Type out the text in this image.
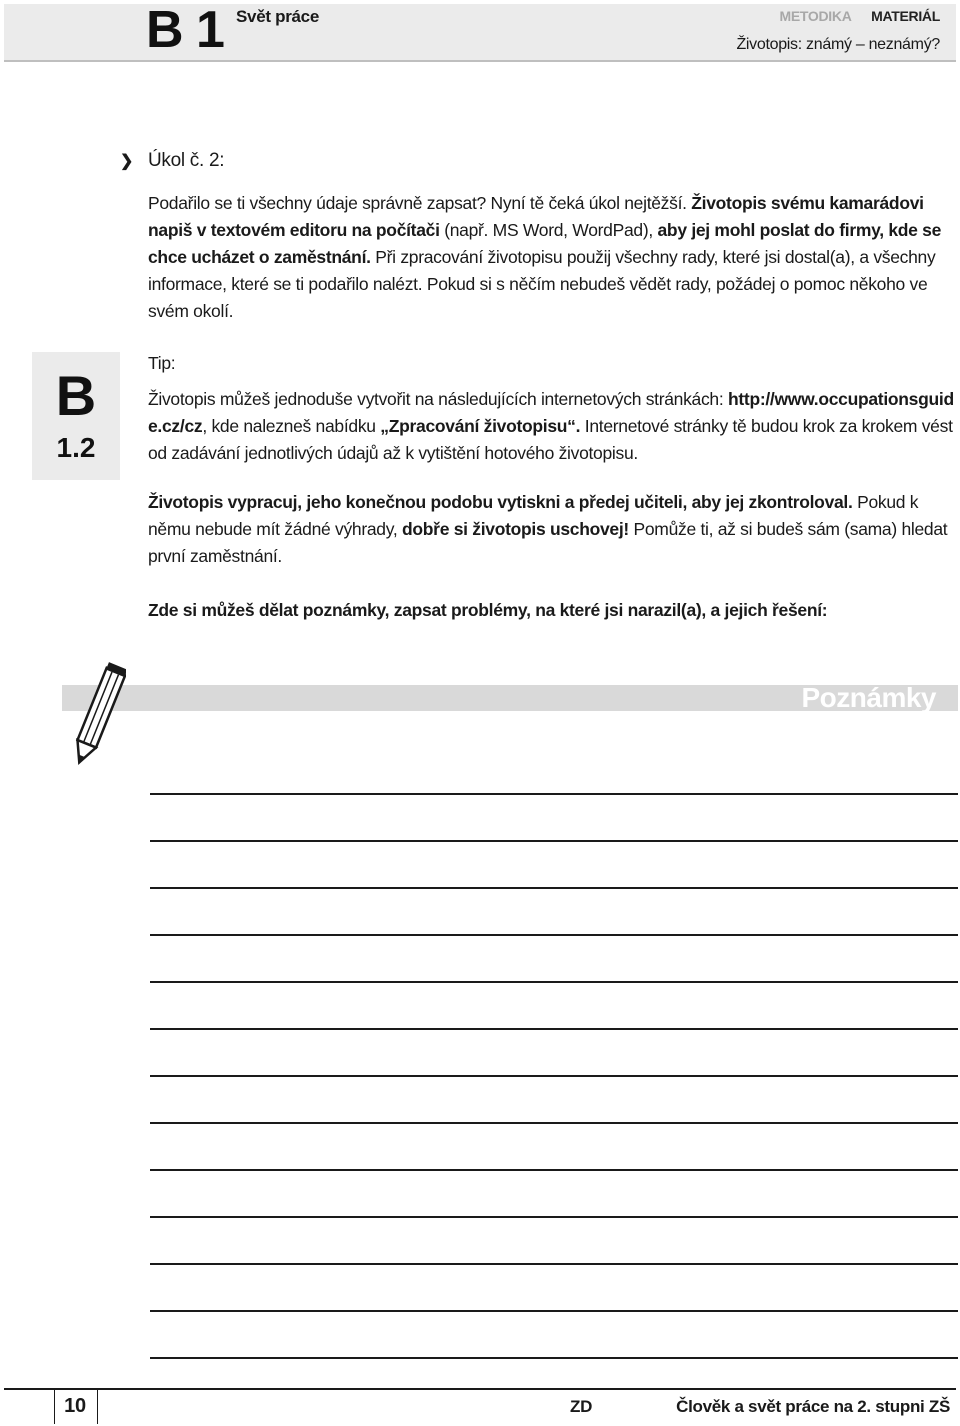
B 1 Svět práce	METODIKA MATERIÁL
Životopis: známý – neznámý?
B
1.2
❯ Úkol č. 2:

Podařilo se ti všechny údaje správně zapsat? Nyní tě čeká úkol nejtěžší. Životopis svému kamarádovi napiš v textovém editoru na počítači (např. MS Word, WordPad), aby jej mohl poslat do firmy, kde se chce ucházet o zaměstnání. Při zpracování životopisu použij všechny rady, které jsi dostal(a), a všechny informace, které se ti podařilo nalézt. Pokud si s něčím nebudeš vědět rady, požádej o pomoc někoho ve svém okolí.

Tip:

Životopis můžeš jednoduše vytvořit na následujících internetových stránkách: http://www.occupationsguide.cz/cz, kde nalezneš nabídku „Zpracování životopisu“. Internetové stránky tě budou krok za krokem vést od zadávání jednotlivých údajů až k vytištění hotového životopisu.

Životopis vypracuj, jeho konečnou podobu vytiskni a předej učiteli, aby jej zkontroloval. Pokud k němu nebude mít žádné výhrady, dobře si životopis uschovej! Pomůže ti, až si budeš sám (sama) hledat první zaměstnání.

Zde si můžeš dělat poznámky, zapsat problémy, na které jsi narazil(a), a jejich řešení:
Poznámky
10	ZD	Člověk a svět práce na 2. stupni ZŠ
